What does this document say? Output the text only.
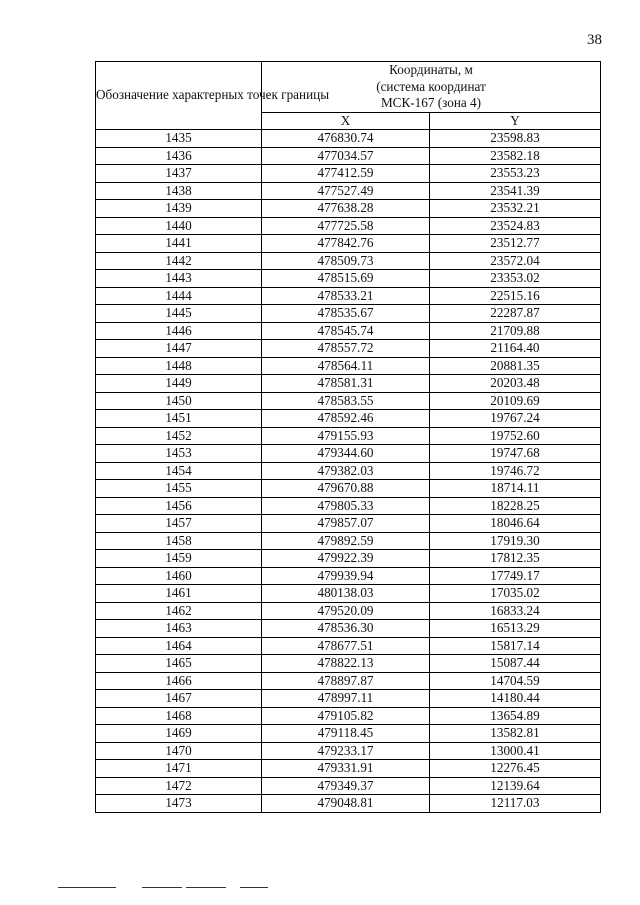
38
Обозначение характерных точек границы	Координаты, м
(система координат
МСК-167 (зона 4)	

	X	Y
1435	476830.74	23598.83
1436	477034.57	23582.18
1437	477412.59	23553.23
1438	477527.49	23541.39
1439	477638.28	23532.21
1440	477725.58	23524.83
1441	477842.76	23512.77
1442	478509.73	23572.04
1443	478515.69	23353.02
1444	478533.21	22515.16
1445	478535.67	22287.87
1446	478545.74	21709.88
1447	478557.72	21164.40
1448	478564.11	20881.35
1449	478581.31	20203.48
1450	478583.55	20109.69
1451	478592.46	19767.24
1452	479155.93	19752.60
1453	479344.60	19747.68
1454	479382.03	19746.72
1455	479670.88	18714.11
1456	479805.33	18228.25
1457	479857.07	18046.64
1458	479892.59	17919.30
1459	479922.39	17812.35
1460	479939.94	17749.17
1461	480138.03	17035.02
1462	479520.09	16833.24
1463	478536.30	16513.29
1464	478677.51	15817.14
1465	478822.13	15087.44
1466	478897.87	14704.59
1467	478997.11	14180.44
1468	479105.82	13654.89
1469	479118.45	13582.81
1470	479233.17	13000.41
1471	479331.91	12276.45
1472	479349.37	12139.64
1473	479048.81	12117.03
